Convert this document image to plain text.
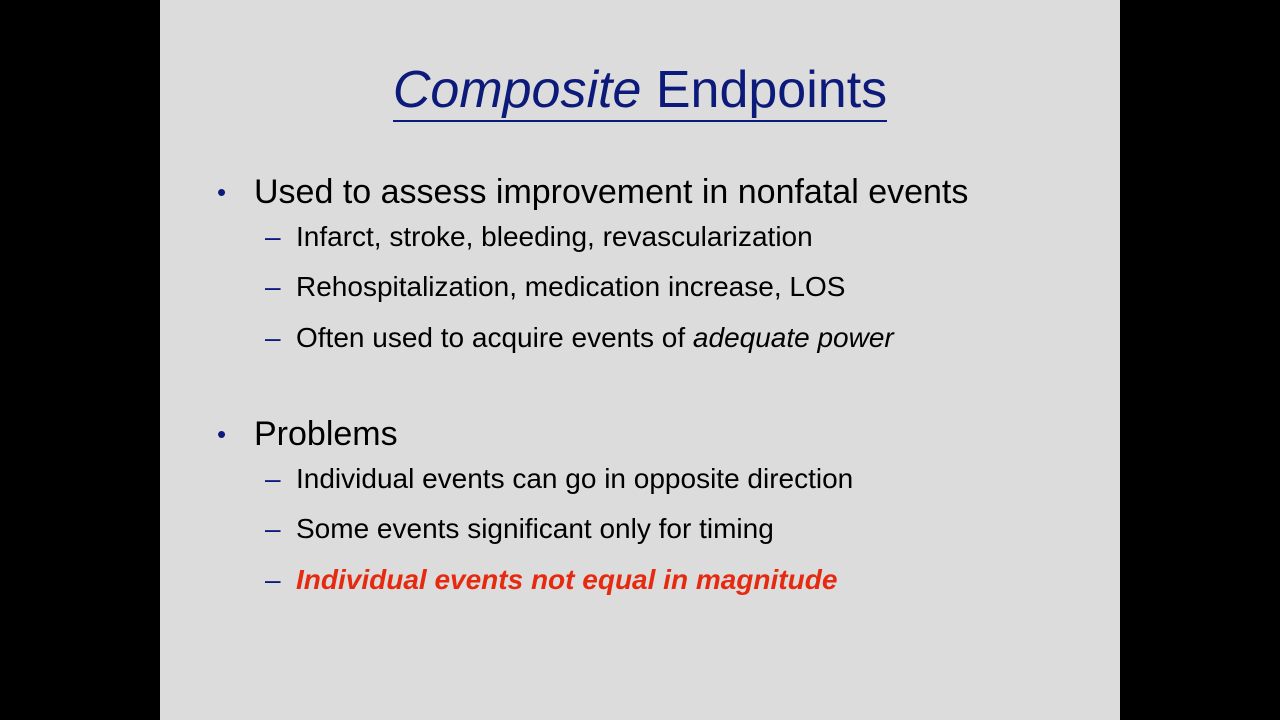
Composite Endpoints
• Used to assess improvement in nonfatal events
– Infarct, stroke, bleeding, revascularization
– Rehospitalization, medication increase, LOS
– Often used to acquire events of adequate power
• Problems
– Individual events can go in opposite direction
– Some events significant only for timing
– Individual events not equal in magnitude
